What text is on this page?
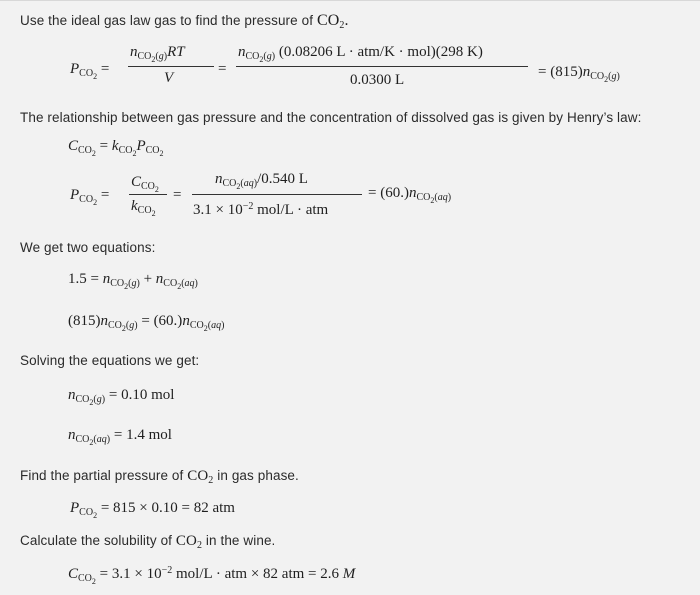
Use the ideal gas law gas to find the pressure of $CO_2$.
$P_{CO_2}$ =
$n_{CO_2(g)}RT$
V
=
$n_{CO_2(g)}$ (0.08206 L · atm/K · mol)(298 K)
0.0300 L	= $(815)n_{CO_2(g)}$
The relationship between gas pressure and the concentration of dissolved gas is given by Henry’s law:
$C_{CO_2} = k_{CO_2}P_{CO_2}$
$P_{CO_2}$ =
$C_{CO_2}$
$k_{CO_2}$
=
$n_{CO_2(aq)}/0.540$ L
$3.1 \times 10^{-2}$ mol/L · atm
= $(60.)n_{CO_2(aq)}$
We get two equations:
$1.5 = n_{CO_2(g)} + n_{CO_2(aq)}$
$(815)n_{CO_2(g)} = (60.)n_{CO_2(aq)}$
Solving the equations we get:
$n_{CO_2(g)} = 0.10$ mol
$n_{CO_2(aq)} = 1.4$ mol
Find the partial pressure of $CO_2$ in gas phase.
$P_{CO_2} = 815 \times 0.10 = 82$ atm
Calculate the solubility of $CO_2$ in the wine.
$C_{CO_2} = 3.1 \times 10^{-2}$ mol/L · atm × 82 atm = 2.6 M
